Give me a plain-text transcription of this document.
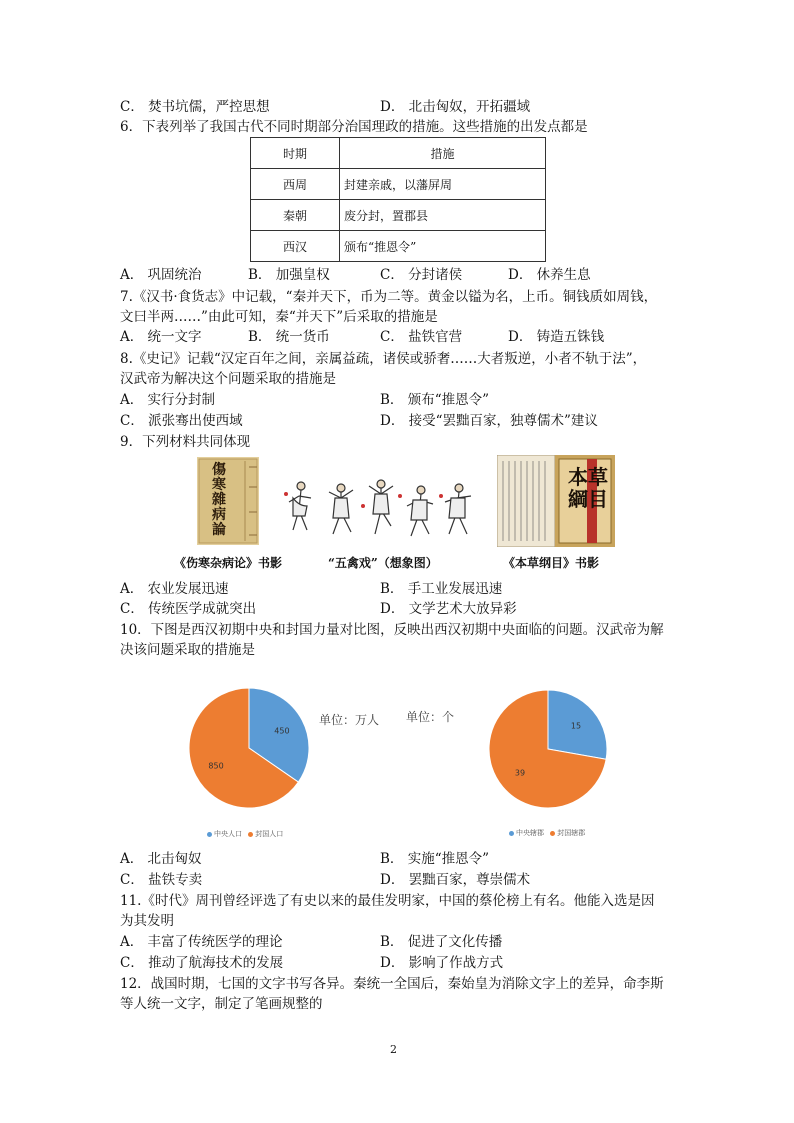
C． 焚书坑儒，严控思想	D． 北击匈奴，开拓疆域
6．下表列举了我国古代不同时期部分治国理政的措施。这些措施的出发点都是
时期	措施
西周	封建亲戚，以藩屏周
秦朝	废分封，置郡县
西汉	颁布“推恩令”
A． 巩固统治	B． 加强皇权	C． 分封诸侯	D． 休养生息
7.《汉书·食货志》中记载，“秦并天下，币为二等。黄金以镒为名，上币。铜钱质如周钱，
文曰半两……”由此可知，秦“并天下”后采取的措施是
A． 统一文字	B． 统一货币	C． 盐铁官营	D． 铸造五铢钱
8.《史记》记载“汉定百年之间，亲属益疏，诸侯或骄奢……大者叛逆，小者不轨于法”，
汉武帝为解决这个问题采取的措施是
A． 实行分封制	B． 颁布“推恩令”
C． 派张骞出使西域	D． 接受“罢黜百家，独尊儒术”建议
9．下列材料共同体现
傷寒雜病論
本草綱目
《伤寒杂病论》书影	“五禽戏”（想象图）	《本草纲目》书影
A． 农业发展迅速	B． 手工业发展迅速
C． 传统医学成就突出	D． 文学艺术大放异彩
10．下图是西汉初期中央和封国力量对比图，反映出西汉初期中央面临的问题。汉武帝为解
决该问题采取的措施是
450
850
15
39
单位：万人 单位：个
中央人口 封国人口	中央辖郡 封国辖郡
A． 北击匈奴	B． 实施“推恩令”
C． 盐铁专卖	D． 罢黜百家，尊崇儒术
11.《时代》周刊曾经评选了有史以来的最佳发明家，中国的蔡伦榜上有名。他能入选是因
为其发明
A． 丰富了传统医学的理论	B． 促进了文化传播
C． 推动了航海技术的发展	D． 影响了作战方式
12．战国时期，七国的文字书写各异。秦统一全国后，秦始皇为消除文字上的差异，命李斯
等人统一文字，制定了笔画规整的
2
